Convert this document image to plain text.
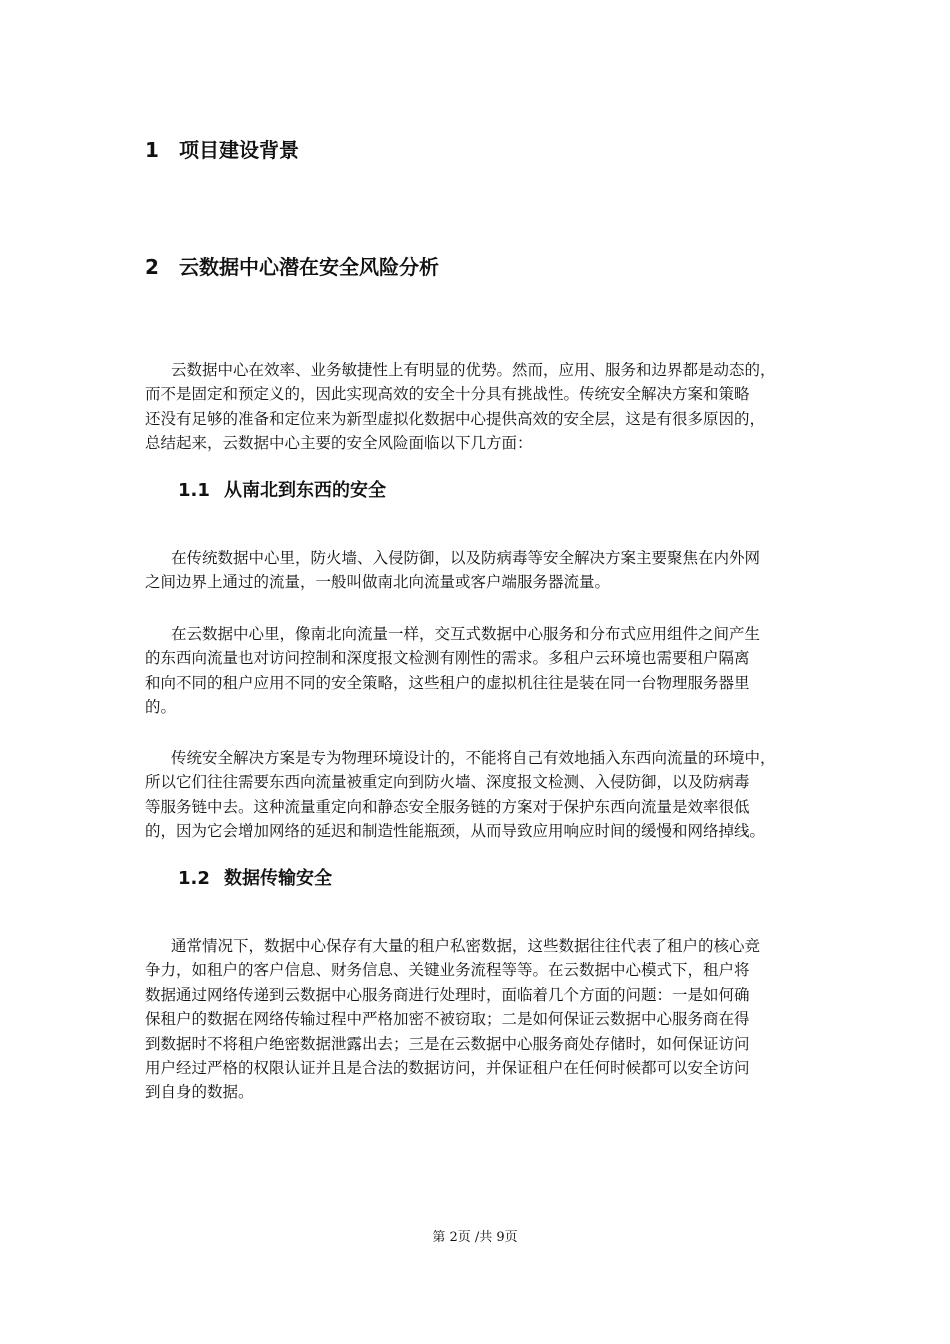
1 项目建设背景
2 云数据中心潜在安全风险分析
云数据中心在效率、业务敏捷性上有明显的优势。然而，应用、服务和边界都是动态的，
而不是固定和预定义的，因此实现高效的安全十分具有挑战性。传统安全解决方案和策略
还没有足够的准备和定位来为新型虚拟化数据中心提供高效的安全层，这是有很多原因的，
总结起来，云数据中心主要的安全风险面临以下几方面：
1.1 从南北到东西的安全
在传统数据中心里，防火墙、入侵防御，以及防病毒等安全解决方案主要聚焦在内外网
之间边界上通过的流量，一般叫做南北向流量或客户端服务器流量。
在云数据中心里，像南北向流量一样，交互式数据中心服务和分布式应用组件之间产生
的东西向流量也对访问控制和深度报文检测有刚性的需求。多租户云环境也需要租户隔离
和向不同的租户应用不同的安全策略，这些租户的虚拟机往往是装在同一台物理服务器里
的。
传统安全解决方案是专为物理环境设计的，不能将自己有效地插入东西向流量的环境中，
所以它们往往需要东西向流量被重定向到防火墙、深度报文检测、入侵防御，以及防病毒
等服务链中去。这种流量重定向和静态安全服务链的方案对于保护东西向流量是效率很低
的，因为它会增加网络的延迟和制造性能瓶颈，从而导致应用响应时间的缓慢和网络掉线。
1.2 数据传输安全
通常情况下，数据中心保存有大量的租户私密数据，这些数据往往代表了租户的核心竞
争力，如租户的客户信息、财务信息、关键业务流程等等。在云数据中心模式下，租户将
数据通过网络传递到云数据中心服务商进行处理时，面临着几个方面的问题：一是如何确
保租户的数据在网络传输过程中严格加密不被窃取；二是如何保证云数据中心服务商在得
到数据时不将租户绝密数据泄露出去；三是在云数据中心服务商处存储时，如何保证访问
用户经过严格的权限认证并且是合法的数据访问，并保证租户在任何时候都可以安全访问
到自身的数据。
第 2页 /共 9页
